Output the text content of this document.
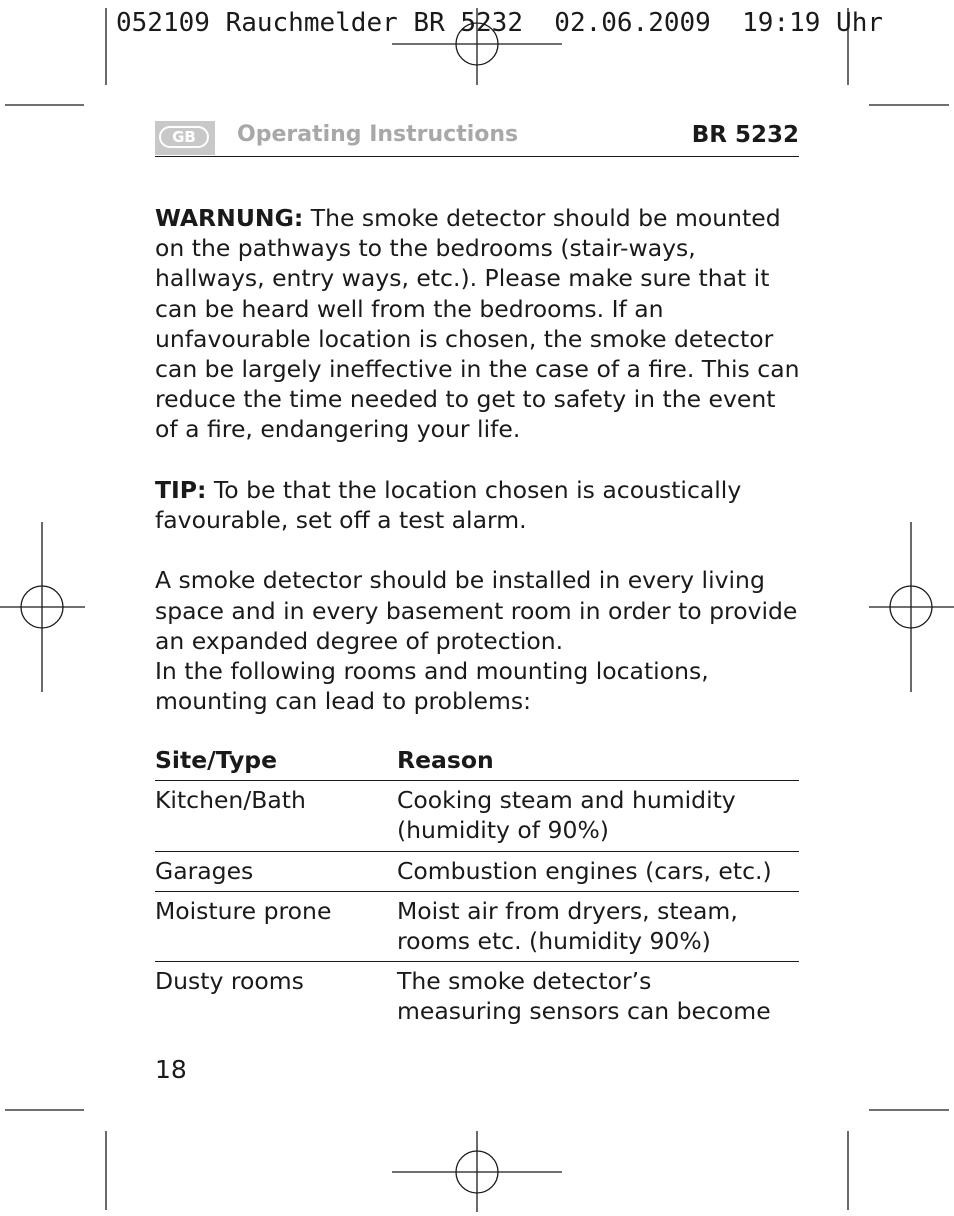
052109 Rauchmelder BR 5232  02.06.2009  19:19 Uhr
GB	Operating Instructions	BR 5232

WARNUNG: The smoke detector should be mounted on the pathways to the bedrooms (stair-ways, hallways, entry ways, etc.). Please make sure that it can be heard well from the bedrooms. If an unfavourable location is chosen, the smoke detector can be largely ineffective in the case of a fire. This can reduce the time needed to get to safety in the event of a fire, endangering your life.

TIP: To be that the location chosen is acoustically favourable, set off a test alarm.

A smoke detector should be installed in every living space and in every basement room in order to provide an expanded degree of protection.
In the following rooms and mounting locations, mounting can lead to problems:

Site/Type	Reason
Kitchen/Bath	Cooking steam and humidity
(humidity of 90%)
Garages	Combustion engines (cars, etc.)
Moisture prone	Moist air from dryers, steam,
rooms etc. (humidity 90%)
Dusty rooms	The smoke detector’s
measuring sensors can become
18
